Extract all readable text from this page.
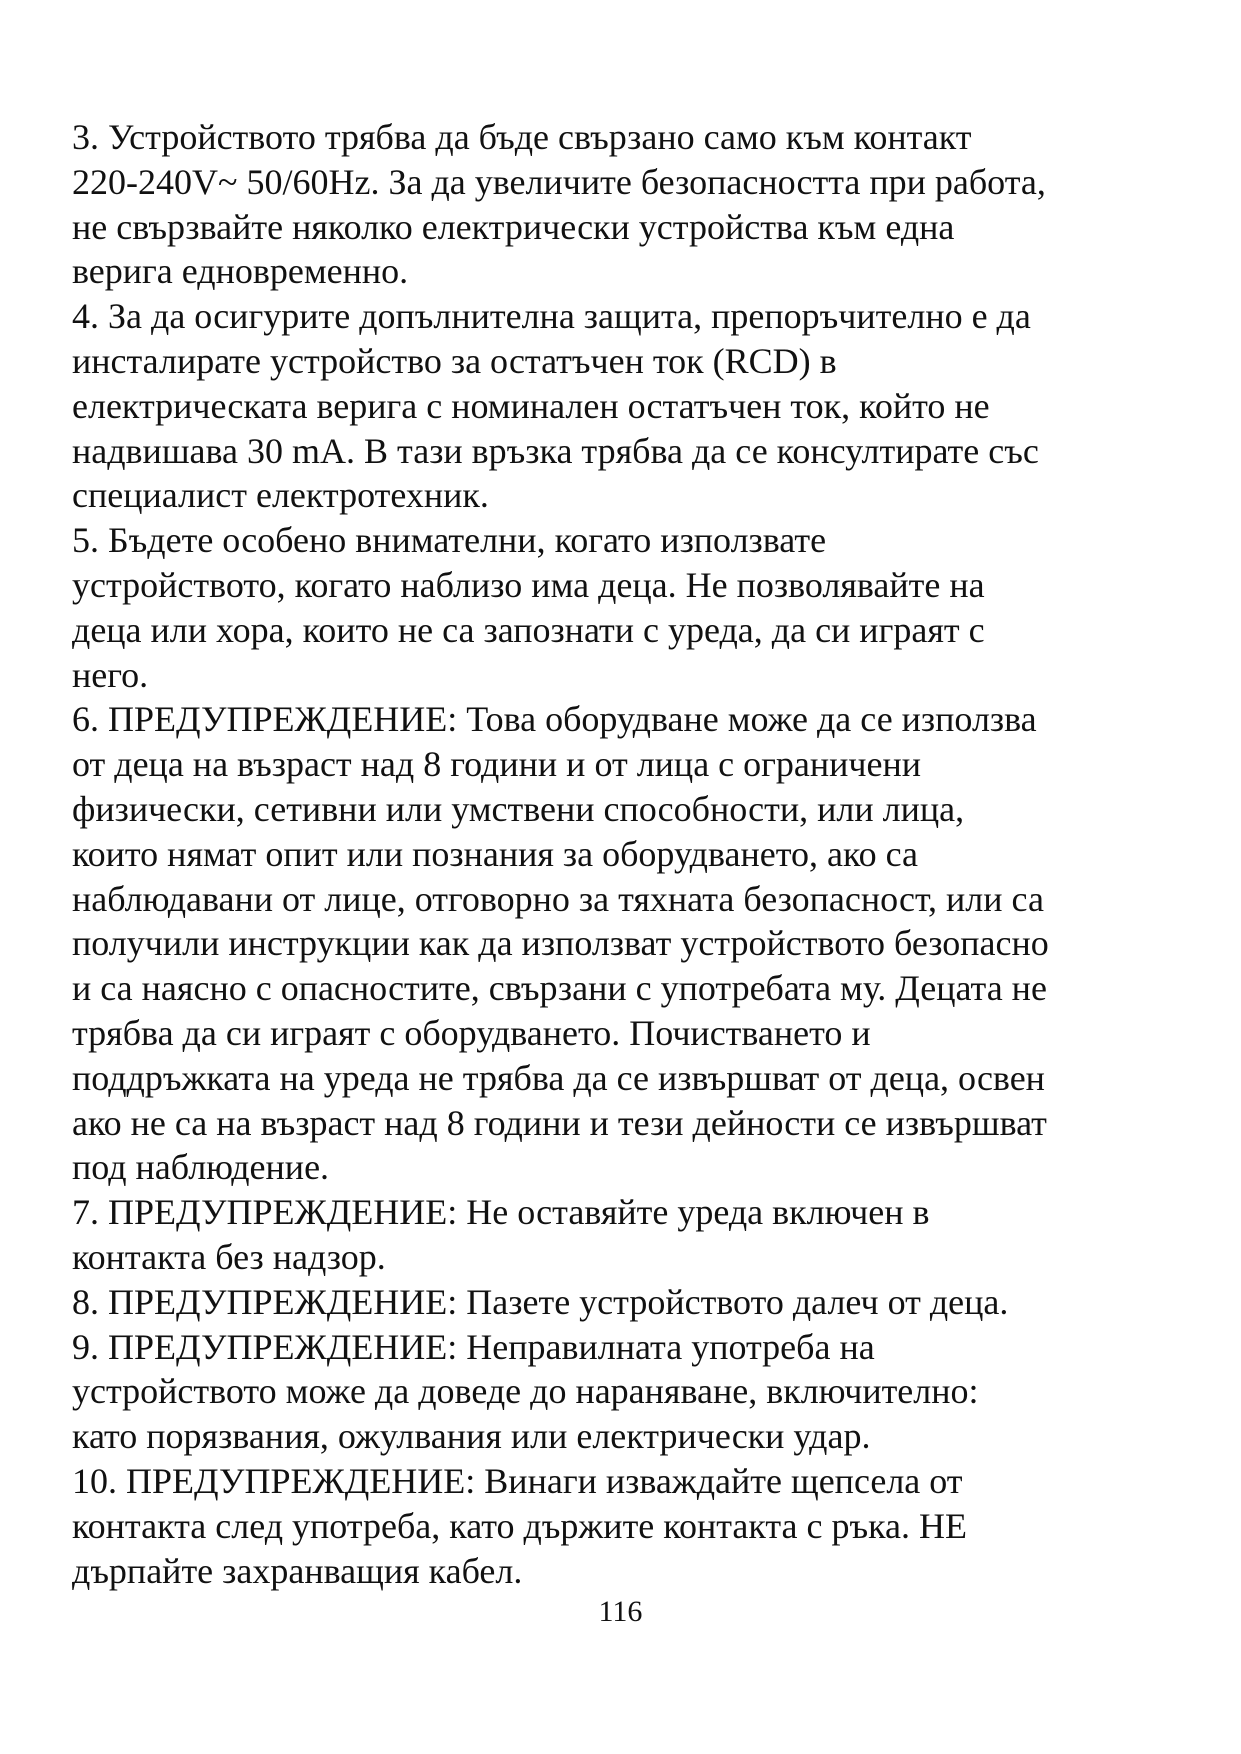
3. Устройството трябва да бъде свързано само към контакт
220-240V~ 50/60Hz. За да увеличите безопасността при работа,
не свързвайте няколко електрически устройства към една
верига едновременно.
4. За да осигурите допълнителна защита, препоръчително е да
инсталирате устройство за остатъчен ток (RCD) в
електрическата верига с номинален остатъчен ток, който не
надвишава 30 mA. В тази връзка трябва да се консултирате със
специалист електротехник.
5. Бъдете особено внимателни, когато използвате
устройството, когато наблизо има деца. Не позволявайте на
деца или хора, които не са запознати с уреда, да си играят с
него.
6. ПРЕДУПРЕЖДЕНИЕ: Това оборудване може да се използва
от деца на възраст над 8 години и от лица с ограничени
физически, сетивни или умствени способности, или лица,
които нямат опит или познания за оборудването, ако са
наблюдавани от лице, отговорно за тяхната безопасност, или са
получили инструкции как да използват устройството безопасно
и са наясно с опасностите, свързани с употребата му. Децата не
трябва да си играят с оборудването. Почистването и
поддръжката на уреда не трябва да се извършват от деца, освен
ако не са на възраст над 8 години и тези дейности се извършват
под наблюдение.
7. ПРЕДУПРЕЖДЕНИЕ: Не оставяйте уреда включен в
контакта без надзор.
8. ПРЕДУПРЕЖДЕНИЕ: Пазете устройството далеч от деца.
9. ПРЕДУПРЕЖДЕНИЕ: Неправилната употреба на
устройството може да доведе до нараняване, включително:
като порязвания, ожулвания или електрически удар.
10. ПРЕДУПРЕЖДЕНИЕ: Винаги изваждайте щепсела от
контакта след употреба, като държите контакта с ръка. НЕ
дърпайте захранващия кабел.
116
